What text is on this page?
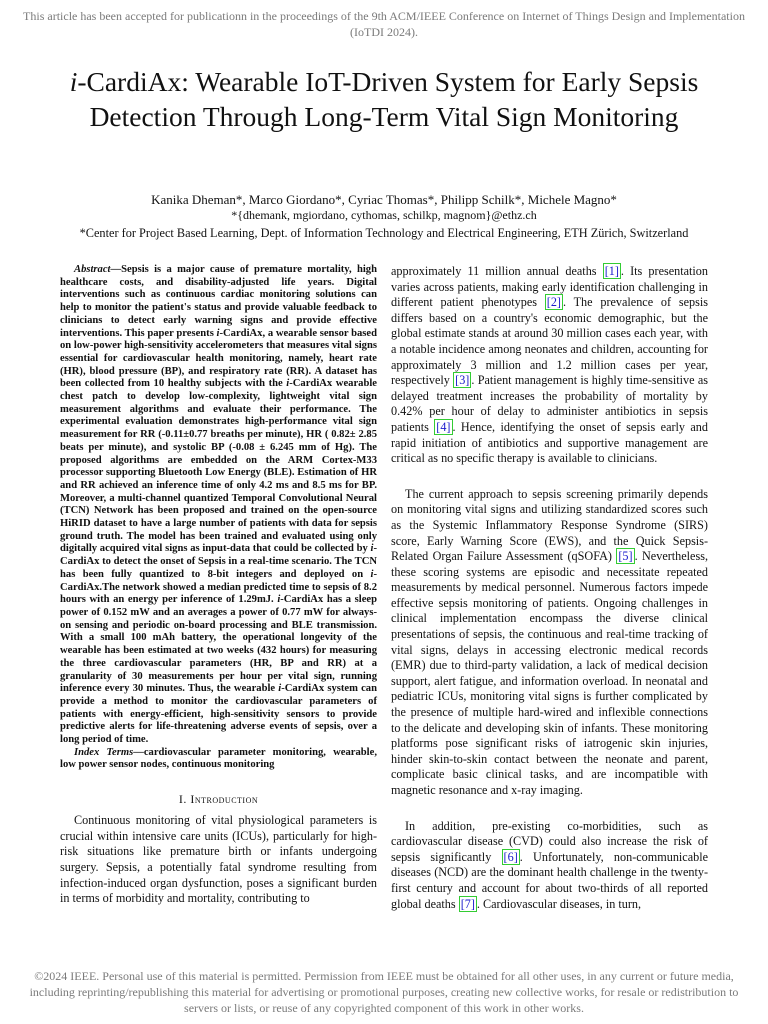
This article has been accepted for publicationn in the proceedings of the 9th ACM/IEEE Conference on Internet of Things Design and Implementation (IoTDI 2024).
i-CardiAx: Wearable IoT-Driven System for Early Sepsis Detection Through Long-Term Vital Sign Monitoring
Kanika Dheman*, Marco Giordano*, Cyriac Thomas*, Philipp Schilk*, Michele Magno*
*{dhemank, mgiordano, cythomas, schilkp, magnom}@ethz.ch
*Center for Project Based Learning, Dept. of Information Technology and Electrical Engineering, ETH Zürich, Switzerland

Abstract—Sepsis is a major cause of premature mortality, high healthcare costs, and disability-adjusted life years. Digital interventions such as continuous cardiac monitoring solutions can help to monitor the patient's status and provide valuable feedback to clinicians to detect early warning signs and provide effective interventions. This paper presents i-CardiAx, a wearable sensor based on low-power high-sensitivity accelerometers that measures vital signs essential for cardiovascular health monitoring, namely, heart rate (HR), blood pressure (BP), and respiratory rate (RR). A dataset has been collected from 10 healthy subjects with the i-CardiAx wearable chest patch to develop low-complexity, lightweight vital sign measurement algorithms and evaluate their performance. The experimental evaluation demonstrates high-performance vital sign measurement for RR (-0.11±0.77 breaths per minute), HR ( 0.82± 2.85 beats per minute), and systolic BP (-0.08 ± 6.245 mm of Hg). The proposed algorithms are embedded on the ARM Cortex-M33 processor supporting Bluetooth Low Energy (BLE). Estimation of HR and RR achieved an inference time of only 4.2 ms and 8.5 ms for BP. Moreover, a multi-channel quantized Temporal Convolutional Neural (TCN) Network has been proposed and trained on the open-source HiRID dataset to have a large number of patients with data for sepsis ground truth. The model has been trained and evaluated using only digitally acquired vital signs as input-data that could be collected by i-CardiAx to detect the onset of Sepsis in a real-time scenario. The TCN has been fully quantized to 8-bit integers and deployed on i-CardiAx.The network showed a median predicted time to sepsis of 8.2 hours with an energy per inference of 1.29mJ. i-CardiAx has a sleep power of 0.152 mW and an averages a power of 0.77 mW for always-on sensing and periodic on-board processing and BLE transmission. With a small 100 mAh battery, the operational longevity of the wearable has been estimated at two weeks (432 hours) for measuring the three cardiovascular parameters (HR, BP and RR) at a granularity of 30 measurements per hour per vital sign, running inference every 30 minutes. Thus, the wearable i-CardiAx system can provide a method to monitor the cardiovascular parameters of patients with energy-efficient, high-sensitivity sensors to provide predictive alerts for life-threatening adverse events of sepsis, over a long period of time.

Index Terms—cardiovascular parameter monitoring, wearable, low power sensor nodes, continuous monitoring

I. Introduction

Continuous monitoring of vital physiological parameters is crucial within intensive care units (ICUs), particularly for high-risk situations like premature birth or infants undergoing surgery. Sepsis, a potentially fatal syndrome resulting from infection-induced organ dysfunction, poses a significant burden in terms of morbidity and mortality, contributing to

approximately 11 million annual deaths [1] . Its presentation varies across patients, making early identification challenging in different patient phenotypes [2] . The prevalence of sepsis differs based on a country's economic demographic, but the global estimate stands at around 30 million cases each year, with a notable incidence among neonates and children, accounting for approximately 3 million and 1.2 million cases per year, respectively [3] . Patient management is highly time-sensitive as delayed treatment increases the probability of mortality by 0.42% per hour of delay to administer antibiotics in sepsis patients [4] . Hence, identifying the onset of sepsis early and rapid initiation of antibiotics and supportive management are critical as no specific therapy is available to clinicians.

The current approach to sepsis screening primarily depends on monitoring vital signs and utilizing standardized scores such as the Systemic Inflammatory Response Syndrome (SIRS) score, Early Warning Score (EWS), and the Quick Sepsis-Related Organ Failure Assessment (qSOFA) [5] . Nevertheless, these scoring systems are episodic and necessitate repeated measurements by medical personnel. Numerous factors impede effective sepsis monitoring of patients. Ongoing challenges in clinical implementation encompass the diverse clinical presentations of sepsis, the continuous and real-time tracking of vital signs, delays in accessing electronic medical records (EMR) due to third-party validation, a lack of medical decision support, alert fatigue, and information overload. In neonatal and pediatric ICUs, monitoring vital signs is further complicated by the presence of multiple hard-wired and inflexible connections to the delicate and developing skin of infants. These monitoring platforms pose significant risks of iatrogenic skin injuries, hinder skin-to-skin contact between the neonate and parent, complicate basic clinical tasks, and are incompatible with magnetic resonance and x-ray imaging.

In addition, pre-existing co-morbidities, such as cardiovascular disease (CVD) could also increase the risk of sepsis significantly [6] . Unfortunately, non-communicable diseases (NCD) are the dominant health challenge in the twenty-first century and account for about two-thirds of all reported global deaths [7] . Cardiovascular diseases, in turn,

©2024 IEEE. Personal use of this material is permitted. Permission from IEEE must be obtained for all other uses, in any current or future media, including reprinting/republishing this material for advertising or promotional purposes, creating new collective works, for resale or redistribution to servers or lists, or reuse of any copyrighted component of this work in other works.
